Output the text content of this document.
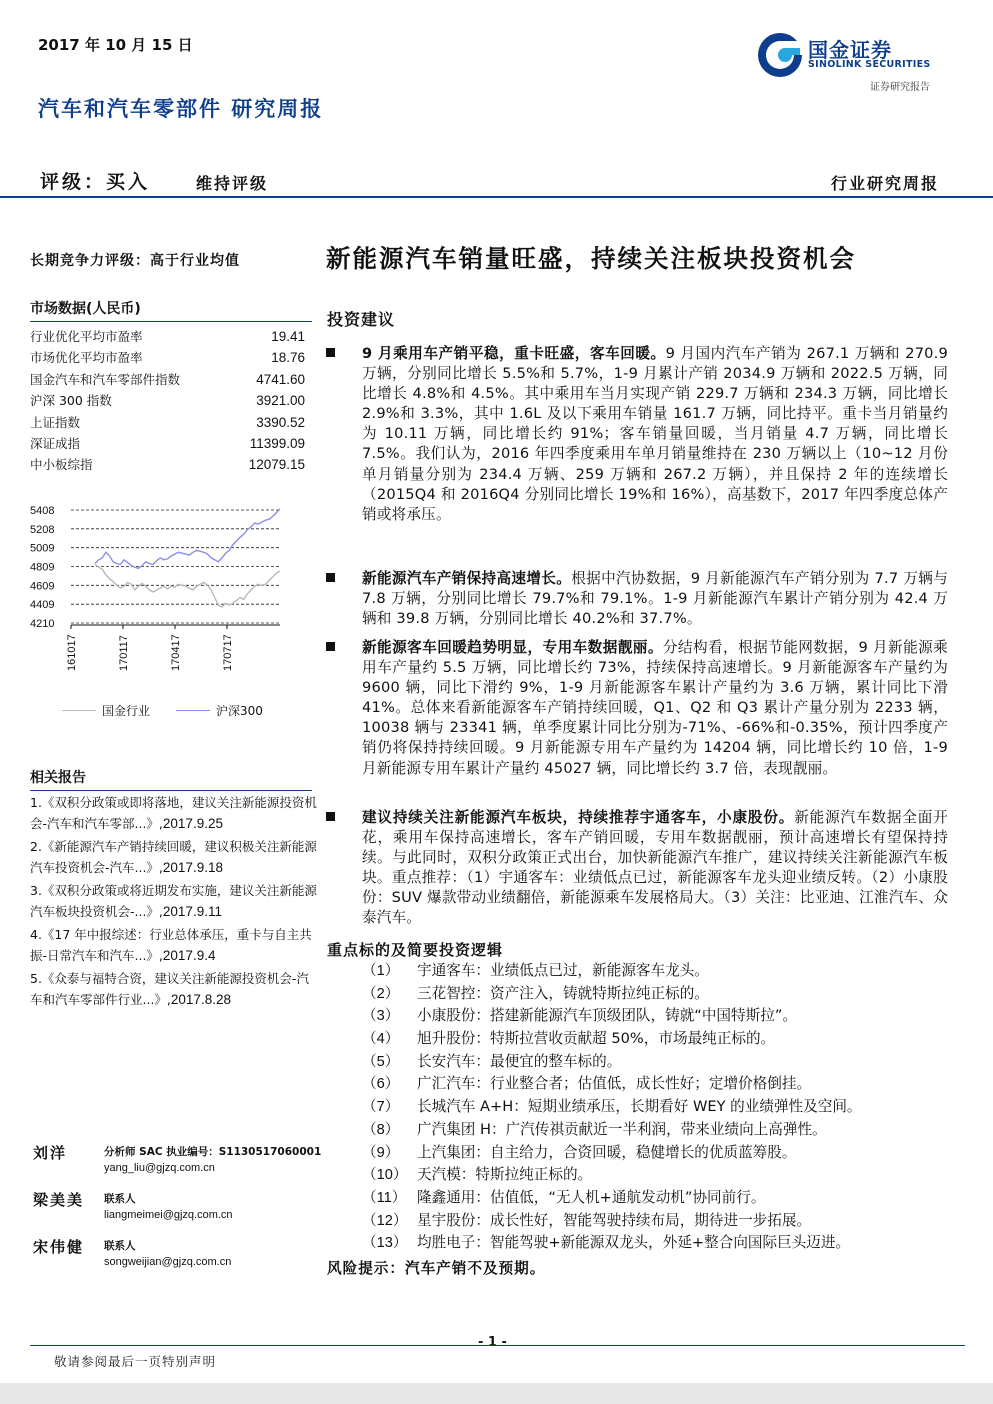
2017 年 10 月 15 日	国金证券
SINOLINK SECURITIES
证券研究报告
汽车和汽车零部件 研究周报
评级：买入	维持评级	行业研究周报
长期竞争力评级：高于行业均值
市场数据(人民币)
行业优化平均市盈率	19.41
市场优化平均市盈率	18.76
国金汽车和汽车零部件指数	4741.60
沪深 300 指数	3921.00
上证指数	3390.52
深证成指	11399.09
中小板综指	12079.15
5408
5208
5009
4809
4609
4409
4210
161017	170117	170417	170717
国金行业	沪深300
相关报告
1.《双积分政策或即将落地，建议关注新能源投资机会-汽车和汽车零部...》,2017.9.25
2.《新能源汽车产销持续回暖，建议积极关注新能源汽车投资机会-汽车...》,2017.9.18
3.《双积分政策或将近期发布实施，建议关注新能源汽车板块投资机会-...》,2017.9.11
4.《17 年中报综述：行业总体承压，重卡与自主共振-日常汽车和汽车...》,2017.9.4
5.《众泰与福特合资，建议关注新能源投资机会-汽车和汽车零部件行业...》,2017.8.28
刘洋	分析师 SAC 执业编号：S1130517060001
yang_liu@gjzq.com.cn
梁美美 联系人
liangmeimei@gjzq.com.cn
宋伟健 联系人
songweijian@gjzq.com.cn
新能源汽车销量旺盛，持续关注板块投资机会
投资建议
9 月乘用车产销平稳，重卡旺盛，客车回暖。9 月国内汽车产销为 267.1 万辆和 270.9 万辆，分别同比增长 5.5%和 5.7%，1-9 月累计产销 2034.9 万辆和 2022.5 万辆，同比增长 4.8%和 4.5%。其中乘用车当月实现产销 229.7 万辆和 234.3 万辆，同比增长 2.9%和 3.3%，其中 1.6L 及以下乘用车销量 161.7 万辆，同比持平。重卡当月销量约为 10.11 万辆，同比增长约 91%；客车销量回暖，当月销量 4.7 万辆，同比增长 7.5%。我们认为，2016 年四季度乘用车单月销量维持在 230 万辆以上（10~12 月份单月销量分别为 234.4 万辆、259 万辆和 267.2 万辆），并且保持 2 年的连续增长（2015Q4 和 2016Q4 分别同比增长 19%和 16%），高基数下，2017 年四季度总体产销或将承压。
新能源汽车产销保持高速增长。根据中汽协数据，9 月新能源汽车产销分别为 7.7 万辆与 7.8 万辆，分别同比增长 79.7%和 79.1%。1-9 月新能源汽车累计产销分别为 42.4 万辆和 39.8 万辆，分别同比增长 40.2%和 37.7%。
新能源客车回暖趋势明显，专用车数据靓丽。分结构看，根据节能网数据，9 月新能源乘用车产量约 5.5 万辆，同比增长约 73%，持续保持高速增长。9 月新能源客车产量约为 9600 辆，同比下滑约 9%，1-9 月新能源客车累计产量约为 3.6 万辆，累计同比下滑 41%。总体来看新能源客车产销持续回暖，Q1、Q2 和 Q3 累计产量分别为 2233 辆，10038 辆与 23341 辆，单季度累计同比分别为-71%、-66%和-0.35%，预计四季度产销仍将保持持续回暖。9 月新能源专用车产量约为 14204 辆，同比增长约 10 倍，1-9 月新能源专用车累计产量约 45027 辆，同比增长约 3.7 倍，表现靓丽。
建议持续关注新能源汽车板块，持续推荐宇通客车，小康股份。新能源汽车数据全面开花，乘用车保持高速增长，客车产销回暖，专用车数据靓丽，预计高速增长有望保持持续。与此同时，双积分政策正式出台，加快新能源汽车推广，建议持续关注新能源汽车板块。重点推荐：（1）宇通客车：业绩低点已过，新能源客车龙头迎业绩反转。（2）小康股份：SUV 爆款带动业绩翻倍，新能源乘车发展格局大。（3）关注：比亚迪、江淮汽车、众泰汽车。
重点标的及简要投资逻辑
（1）	宇通客车：业绩低点已过，新能源客车龙头。
（2）	三花智控：资产注入，铸就特斯拉纯正标的。
（3）	小康股份：搭建新能源汽车顶级团队，铸就“中国特斯拉”。
（4）	旭升股份：特斯拉营收贡献超 50%，市场最纯正标的。
（5）	长安汽车：最便宜的整车标的。
（6）	广汇汽车：行业整合者；估值低，成长性好；定增价格倒挂。
（7）	长城汽车 A+H：短期业绩承压，长期看好 WEY 的业绩弹性及空间。
（8）	广汽集团 H：广汽传祺贡献近一半利润，带来业绩向上高弹性。
（9）	上汽集团：自主给力，合资回暖，稳健增长的优质蓝筹股。
（10） 天汽模：特斯拉纯正标的。
（11） 隆鑫通用：估值低，“无人机+通航发动机”协同前行。
（12） 星宇股份：成长性好，智能驾驶持续布局，期待进一步拓展。
（13） 均胜电子：智能驾驶+新能源双龙头，外延+整合向国际巨头迈进。
风险提示：汽车产销不及预期。
- 1 -
敬请参阅最后一页特别声明
